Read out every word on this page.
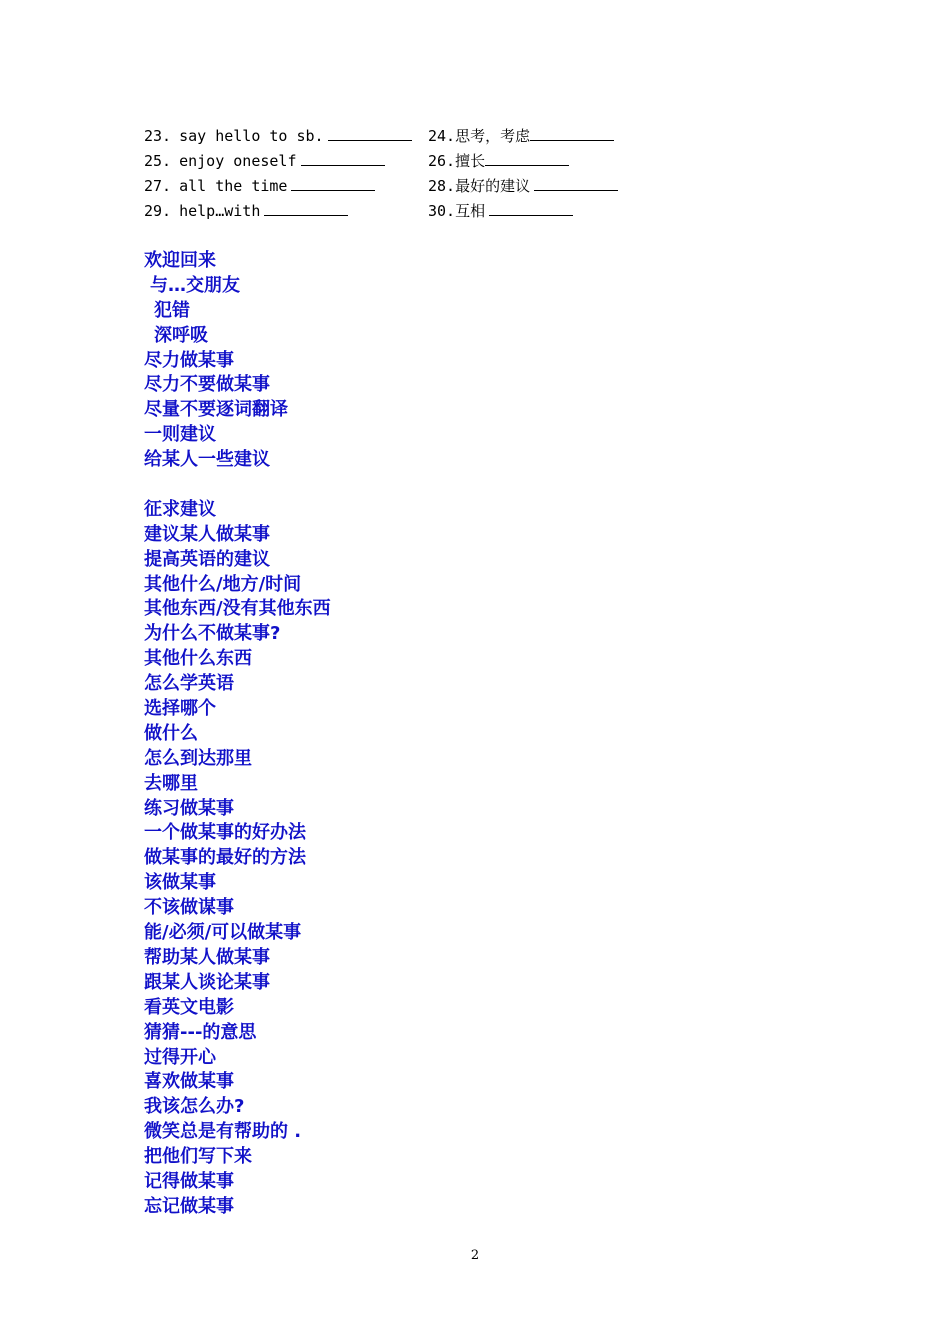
23. say hello to sb.	24.思考，考虑
25. enjoy oneself	26.擅长
27. all the time	28.最好的建议
29. help…with	30.互相
欢迎回来
与…交朋友
犯错
深呼吸
尽力做某事
尽力不要做某事
尽量不要逐词翻译
一则建议
给某人一些建议
征求建议
建议某人做某事
提高英语的建议
其他什么/地方/时间
其他东西/没有其他东西
为什么不做某事?
其他什么东西
怎么学英语
选择哪个
做什么
怎么到达那里
去哪里
练习做某事
一个做某事的好办法
做某事的最好的方法
该做某事
不该做谋事
能/必须/可以做某事
帮助某人做某事
跟某人谈论某事
看英文电影
猜猜---的意思
过得开心
喜欢做某事
我该怎么办?
微笑总是有帮助的 .
把他们写下来
记得做某事
忘记做某事
2
